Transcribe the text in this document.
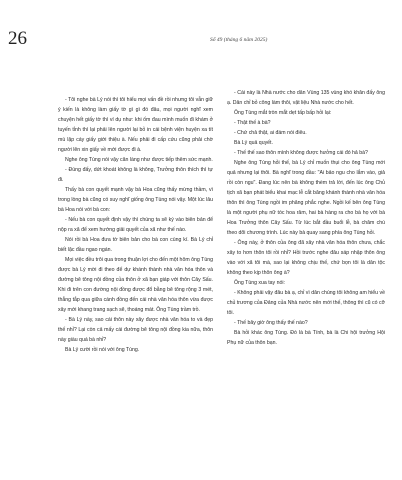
26	Số 49 (tháng 6 năm 2025)

- Tôi nghe bà Lý nói thì tôi hiểu mọi vấn đề rồi nhưng tôi vẫn giữ ý kiến là không làm giấy tờ gì gì đó đâu, mọi người nghĩ xem chuyện hết giấy tờ thì ví dụ như: khi ốm đau mình muốn đi khám ở tuyến tỉnh thì lại phải lên người lại bỏ in cái bệnh viện huyện xa tít mù lập cáy giấy giới thiệu à. Nếu phải đi cấp cứu cũng phải chờ người lên xin giấy về mới được đi à.

Nghe ông Tùng nói vậy căn làng như được tiếp thêm sức mạnh.

- Đúng đấy, dứt khoát không là không, Trưởng thôn thích thì tự đi.

Thấy bà con quyết mạnh vậy bà Hoa cũng thấy mừng thầm, vì trong lòng bà cũng có suy nghĩ giống ông Tùng nói vậy. Một lúc lâu bà Hoa nói với bà con:

- Nếu bà con quyết định vậy thì chúng ta sẽ ký vào biên bản để nộp ra xã để xem hướng giải quyết của xã như thế nào.

Nói rồi bà Hoa đưa tờ biên bản cho bà con cùng kí. Bà Lý chỉ biết lặc đầu ngao ngán.

Mọi việc đều trôi qua trong thuận lợi cho đến một hôm ông Tùng được bà Lý mời đi theo để dự khánh thành nhà văn hóa thôn và đường bê tông nội đồng của thôn ở xã bạn giáp với thôn Cây Sấu. Khi đi trên con đường nội đồng được đổ bằng bê tông rộng 3 mét, thẳng tắp qua giữa cánh đồng đến cái nhà văn hóa thôn vừa được xây mới khang trang sạch sẽ, thoáng mát. Ông Tùng trầm trồ.

- Bà Lý này, sao cái thôn này xây được nhà văn hóa to và đẹp thế nhỉ? Lại còn cả mấy cái đường bê tông nội đồng kia nữa, thôn này giàu quá bà nhỉ?

Bà Lý cười rồi nói với ông Tùng.

- Cái này là Nhà nước cho dân Vùng 135 vùng khó khăn đấy ông ạ. Dân chỉ bỏ công làm thôi, vật liệu Nhà nước cho hết.

Ông Tùng mắt tròn mắt dẹt tấp bấp hỏi lại:

- Thật thế à bà?

- Chứ chả thật, ai đám nói điêu.

Bà Lý quả quyết.

- Thế thế sao thôn mình không được hưởng cái đó hả bà?

Nghe ông Tùng hỏi thế, bà Lý chỉ muốn thụi cho ông Tùng mới quả nhưng lại thôi. Bà nghĩ trong đầu: "Ai bảo ngu cho lắm vào, giả rồi còn ngu". Đang lúc nên bà không thèm trả lời, đến lúc ông Chủ tịch xã bạn phát biểu khai mạc lễ cắt băng khánh thành nhà văn hóa thôn thì ông Tùng ngồi im phăng phắc nghe. Ngồi kế bên ông Tùng là một người phụ nữ tóc hoa râm, hai bà hàng ra cho bà họ với bà Hoa Trưởng thôn Cây Sấu. Từ lúc bắt đầu buổi lễ, bà chăm chú theo dõi chương trình. Lúc này bà quay sang phía ông Tùng hỏi.

- Ông này, ở thôn của ông đã xây nhà văn hóa thôn chưa, chắc xây to hơn thôn tôi rồi nhỉ? Hồi trước nghe đâu sáp nhập thôn ông vào với xã tôi mà, sao lại không chịu thế, chứ bọn tôi là dân tộc không theo kịp thôn ông à?

Ông Tùng xua tay nói:

- Không phải vậy đâu bà ạ, chỉ vì dân chúng tôi không am hiểu về chủ trương của Đảng của Nhà nước nên mới thế, thông thì cũ có cỡ tôi.

- Thế bây giờ ông thấy thế nào?

Bà hỏi khác ông Tùng. Đó là bà Tính, bà là Chi hội trưởng Hội Phụ nữ của thôn bạn.
